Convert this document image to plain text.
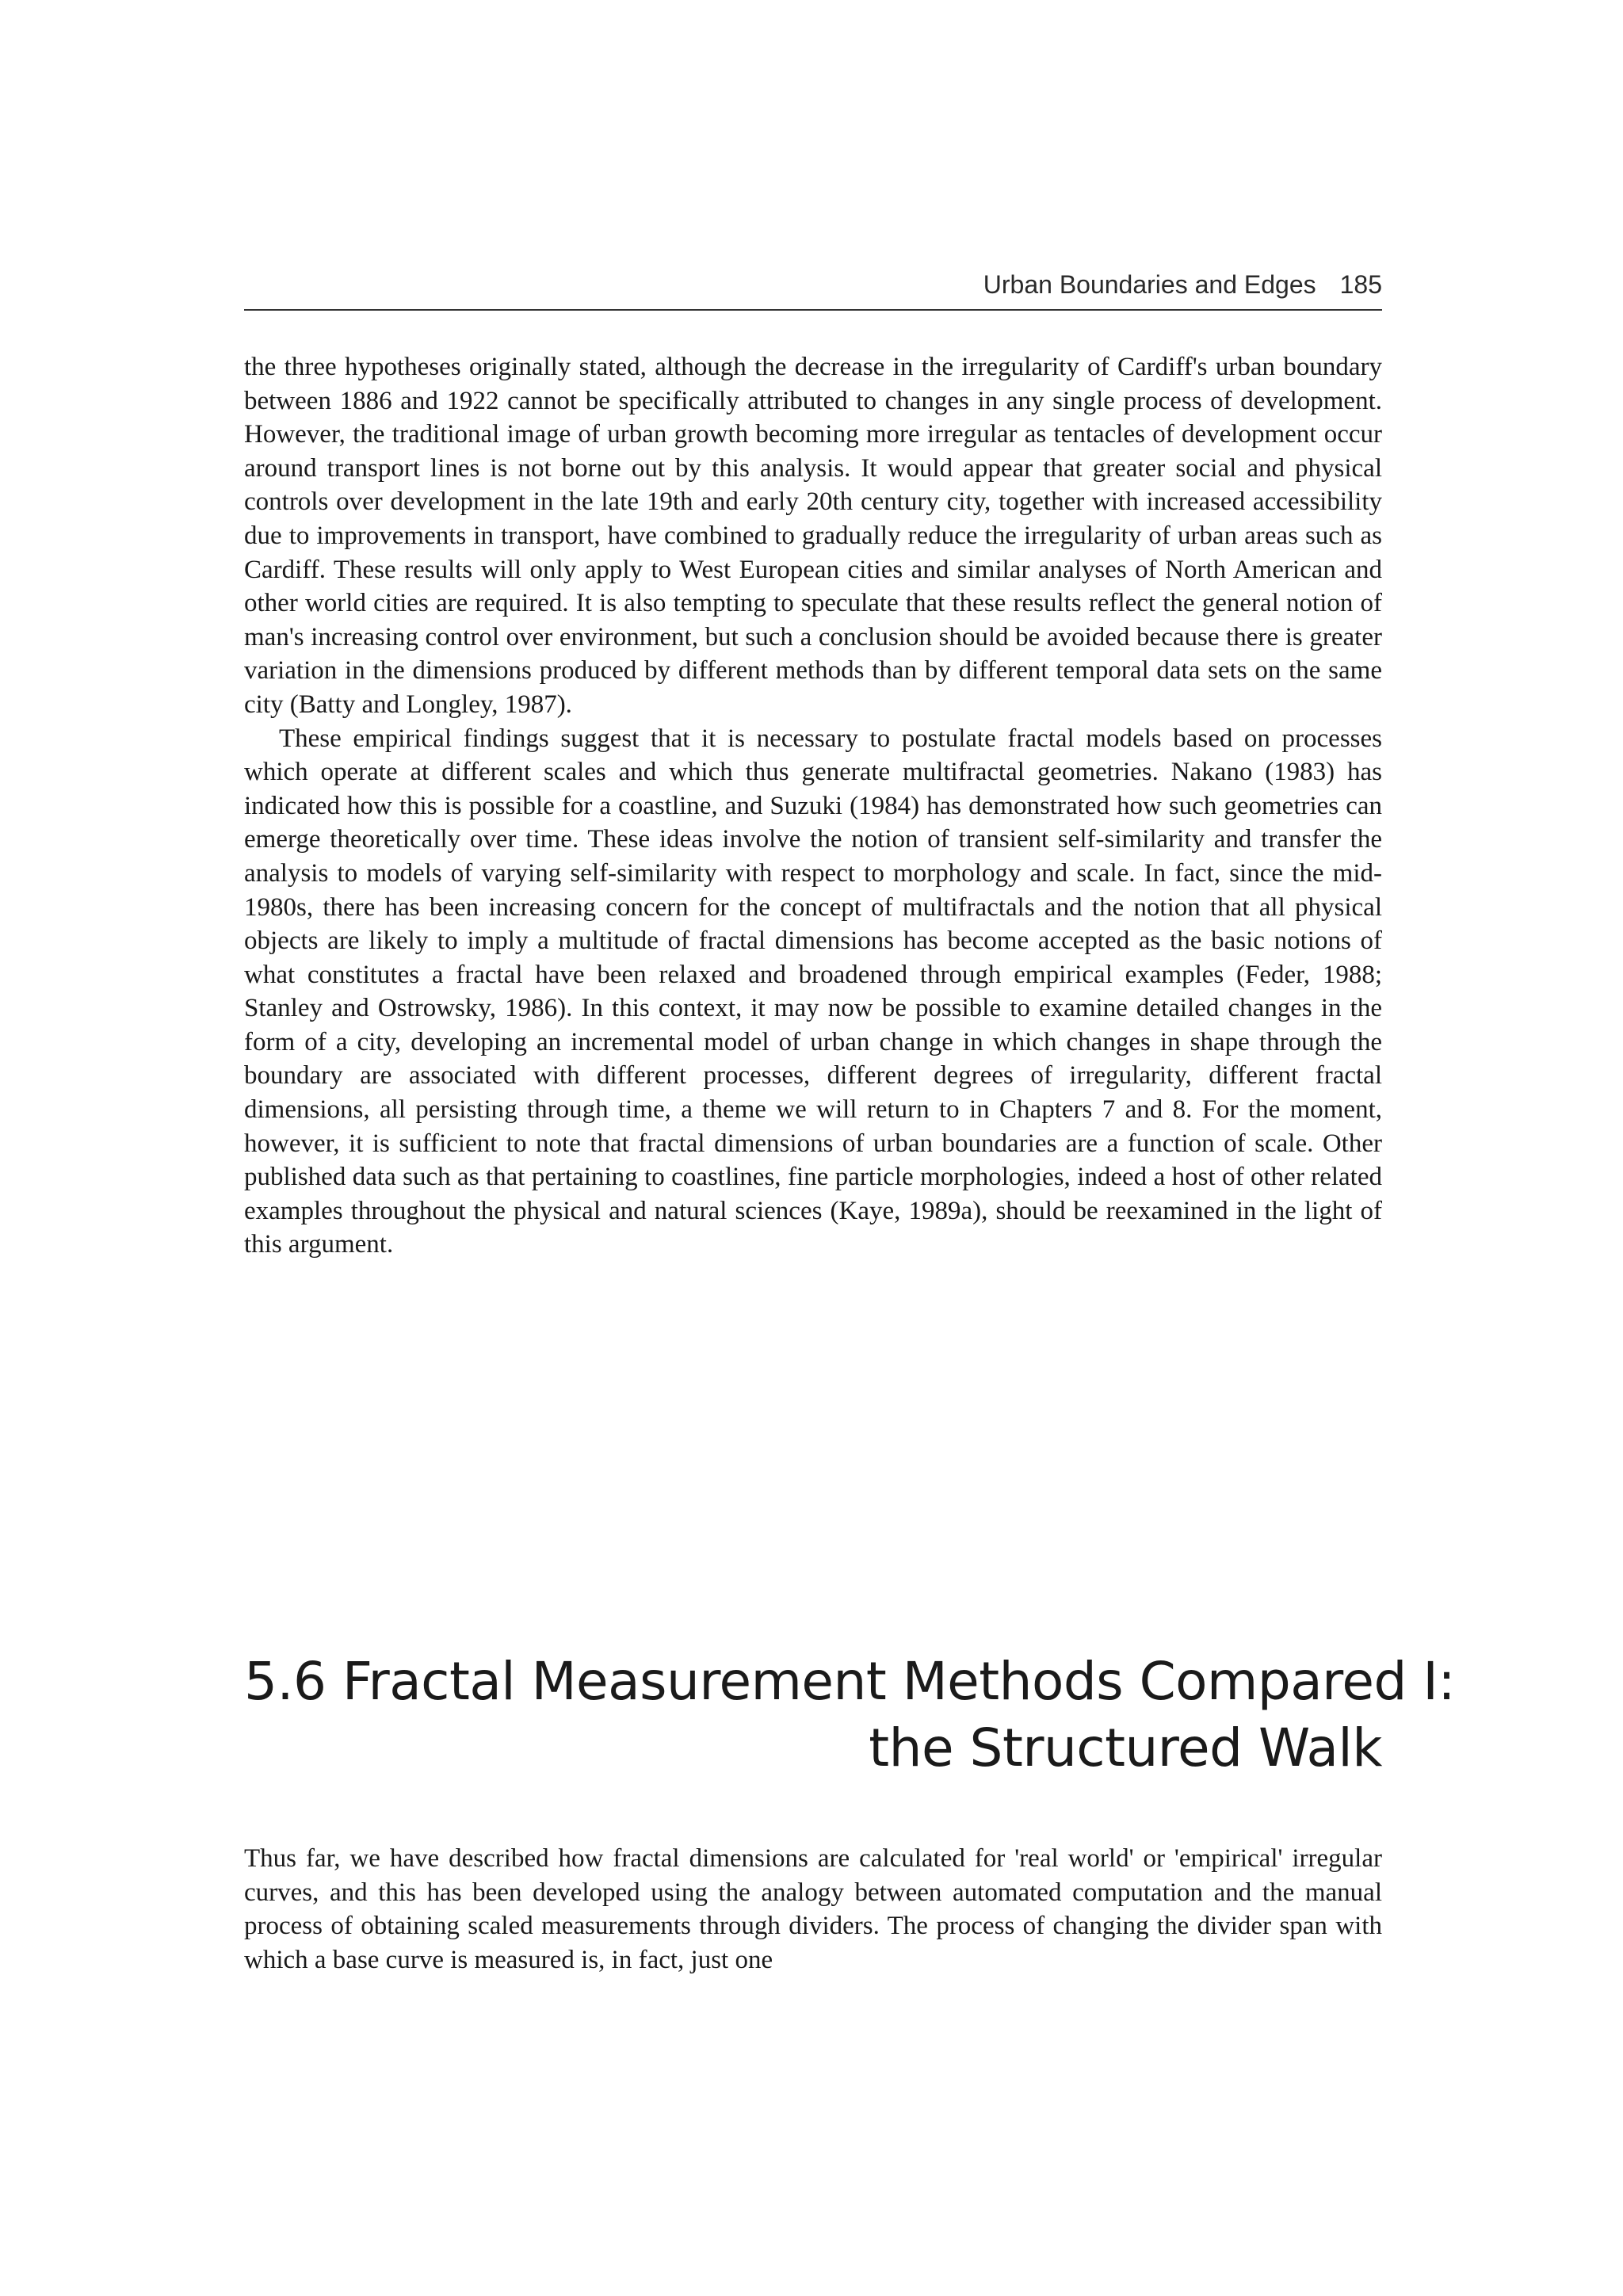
Urban Boundaries and Edges 185

the three hypotheses originally stated, although the decrease in the irregularity of Cardiff's urban boundary between 1886 and 1922 cannot be specifically attributed to changes in any single process of development. However, the traditional image of urban growth becoming more irregular as tentacles of development occur around transport lines is not borne out by this analysis. It would appear that greater social and physical controls over development in the late 19th and early 20th century city, together with increased accessibility due to improvements in transport, have combined to gradually reduce the irregularity of urban areas such as Cardiff. These results will only apply to West European cities and similar analyses of North American and other world cities are required. It is also tempting to speculate that these results reflect the general notion of man's increasing control over environment, but such a conclusion should be avoided because there is greater variation in the dimensions produced by different methods than by different temporal data sets on the same city (Batty and Longley, 1987).

These empirical findings suggest that it is necessary to postulate fractal models based on processes which operate at different scales and which thus generate multifractal geometries. Nakano (1983) has indicated how this is possible for a coastline, and Suzuki (1984) has demonstrated how such geometries can emerge theoretically over time. These ideas involve the notion of transient self-similarity and transfer the analysis to models of varying self-similarity with respect to morphology and scale. In fact, since the mid-1980s, there has been increasing concern for the concept of multifractals and the notion that all physical objects are likely to imply a multitude of fractal dimensions has become accepted as the basic notions of what constitutes a fractal have been relaxed and broadened through empirical examples (Feder, 1988; Stanley and Ostrowsky, 1986). In this context, it may now be possible to examine detailed changes in the form of a city, developing an incremental model of urban change in which changes in shape through the boundary are associated with different processes, different degrees of irregularity, different fractal dimensions, all persisting through time, a theme we will return to in Chapters 7 and 8. For the moment, however, it is sufficient to note that fractal dimensions of urban boundaries are a function of scale. Other published data such as that pertaining to coastlines, fine particle morphologies, indeed a host of other related examples throughout the physical and natural sciences (Kaye, 1989a), should be reexamined in the light of this argument.

5.6 Fractal Measurement Methods Compared I:
the Structured Walk

Thus far, we have described how fractal dimensions are calculated for 'real world' or 'empirical' irregular curves, and this has been developed using the analogy between automated computation and the manual process of obtaining scaled measurements through dividers. The process of changing the divider span with which a base curve is measured is, in fact, just one
